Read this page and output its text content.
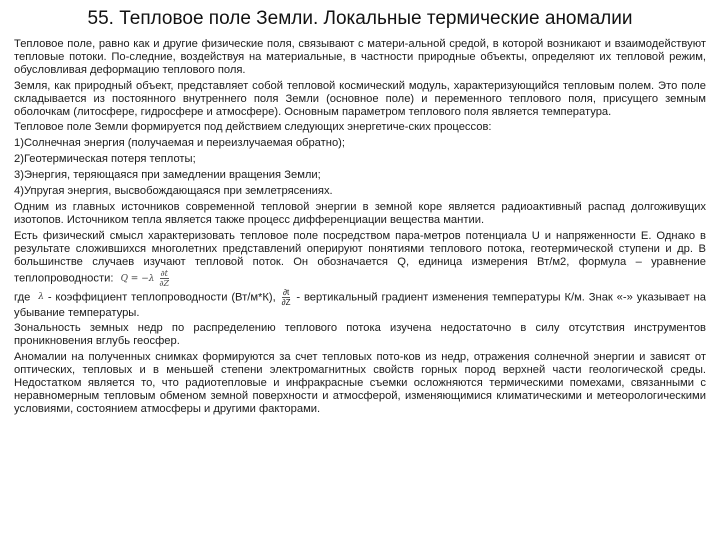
55. Тепловое поле Земли. Локальные термические аномалии

Тепловое поле, равно как и другие физические поля, связывают с матери-альной средой, в которой возникают и взаимодействуют тепловые потоки. По-следние, воздействуя на материальные, в частности природные объекты, определяют их тепловой режим, обусловливая деформацию теплового поля.

Земля, как природный объект, представляет собой тепловой космический модуль, характеризующийся тепловым полем. Это поле складывается из постоянного внутреннего поля Земли (основное поле) и переменного теплового поля, присущего земным оболочкам (литосфере, гидросфере и атмосфере). Основным параметром теплового поля является температура.

Тепловое поле Земли формируется под действием следующих энергетиче-ских процессов:

1)Солнечная энергия (получаемая и переизлучаемая обратно);

2)Геотермическая потеря теплоты;

3)Энергия, теряющаяся при замедлении вращения Земли;

4)Упругая энергия, высвобождающаяся при землетрясениях.

Одним из главных источников современной тепловой энергии в земной коре является радиоактивный распад долгоживущих изотопов. Источником тепла является также процесс дифференциации вещества мантии.

Есть физический смысл характеризовать тепловое поле посредством пара-метров потенциала U и напряженности E. Однако в результате сложившихся многолетних представлений оперируют понятиями теплового потока, геотермической ступени и др. В большинстве случаев изучают тепловой поток. Он обозначается Q, единица измерения Вт/м2, формула – уравнение теплопроводности: $Q = -\lambda \frac{\partial t}{\partial Z}$
где λ - коэффициент теплопроводности (Вт/м*К), $\frac{\partial t}{\partial Z}$ - вертикальный градиент изменения температуры К/м. Знак «-» указывает на убывание температуры.

Зональность земных недр по распределению теплового потока изучена недостаточно в силу отсутствия инструментов проникновения вглубь геосфер.

Аномалии на полученных снимках формируются за счет тепловых пото-ков из недр, отражения солнечной энергии и зависят от оптических, тепловых и в меньшей степени электромагнитных свойств горных пород верхней части геологической среды. Недостатком является то, что радиотепловые и инфракрасные съемки осложняются термическими помехами, связанными с неравномерным тепловым обменом земной поверхности и атмосферой, изменяющимися климатическими и метеорологическими условиями, состоянием атмосферы и другими факторами.
